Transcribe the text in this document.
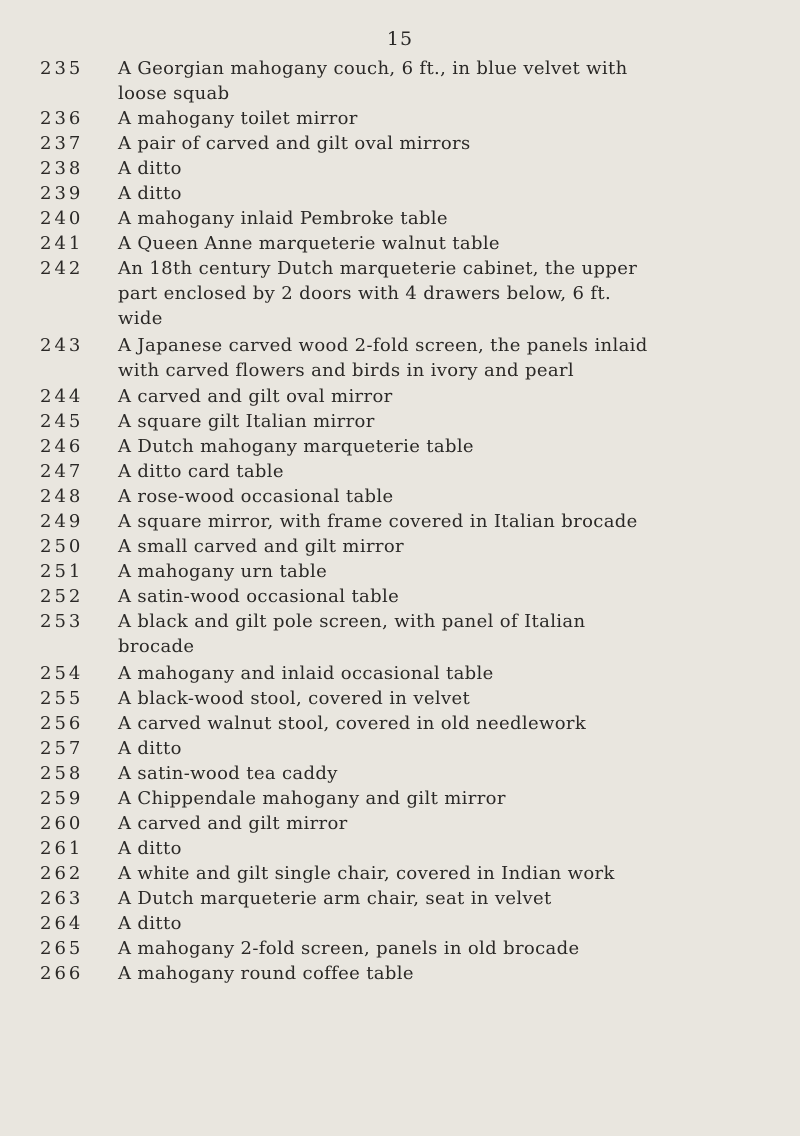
15
235	A Georgian mahogany couch, 6 ft., in blue velvet with
loose squab
236	A mahogany toilet mirror
237	A pair of carved and gilt oval mirrors
238	A ditto
239	A ditto
240	A mahogany inlaid Pembroke table
241	A Queen Anne marqueterie walnut table
242	An 18th century Dutch marqueterie cabinet, the upper
part enclosed by 2 doors with 4 drawers below, 6 ft.
wide
243	A Japanese carved wood 2-fold screen, the panels inlaid
with carved flowers and birds in ivory and pearl
244	A carved and gilt oval mirror
245	A square gilt Italian mirror
246	A Dutch mahogany marqueterie table
247	A ditto card table
248	A rose-wood occasional table
249	A square mirror, with frame covered in Italian brocade
250	A small carved and gilt mirror
251	A mahogany urn table
252	A satin-wood occasional table
253	A black and gilt pole screen, with panel of Italian
brocade
254	A mahogany and inlaid occasional table
255	A black-wood stool, covered in velvet
256	A carved walnut stool, covered in old needlework
257	A ditto
258	A satin-wood tea caddy
259	A Chippendale mahogany and gilt mirror
260	A carved and gilt mirror
261	A ditto
262	A white and gilt single chair, covered in Indian work
263	A Dutch marqueterie arm chair, seat in velvet
264	A ditto
265	A mahogany 2-fold screen, panels in old brocade
266	A mahogany round coffee table
